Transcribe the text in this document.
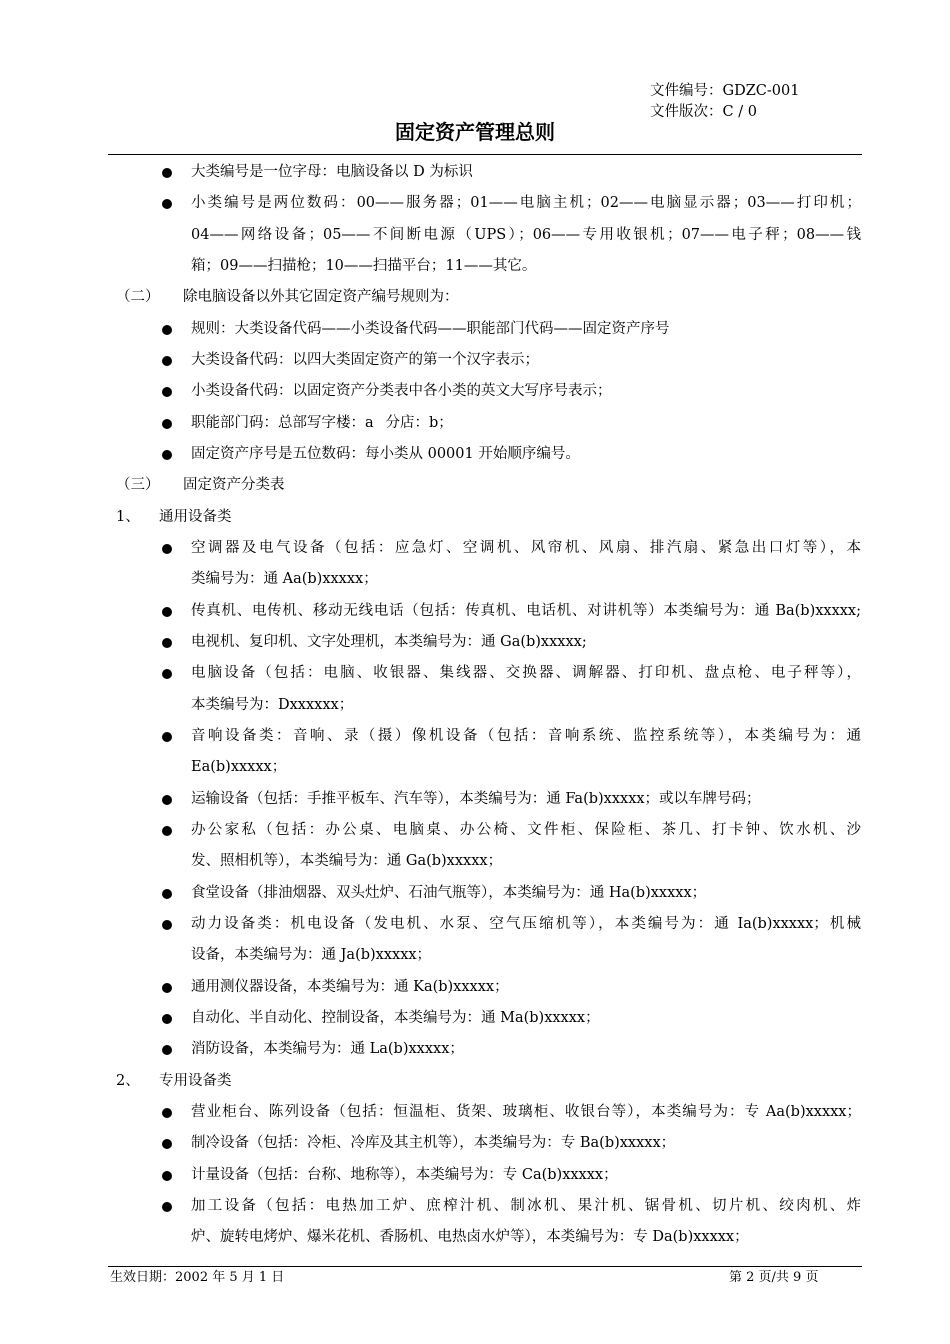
文件编号：GDZC-001
文件版次：C / 0
固定资产管理总则
大类编号是一位字母：电脑设备以 D 为标识
小类编号是两位数码：00——服务器；01——电脑主机；02——电脑显示器；03——打印机；
04——网络设备；05——不间断电源（UPS）；06——专用收银机；07——电子秤；08——钱
箱；09——扫描枪；10——扫描平台；11——其它。
（二） 除电脑设备以外其它固定资产编号规则为：
规则：大类设备代码——小类设备代码——职能部门代码——固定资产序号
大类设备代码：以四大类固定资产的第一个汉字表示；
小类设备代码：以固定资产分类表中各小类的英文大写序号表示；
职能部门码：总部写字楼：a 分店：b；
固定资产序号是五位数码：每小类从 00001 开始顺序编号。
（三） 固定资产分类表
1、 通用设备类
空调器及电气设备（包括：应急灯、空调机、风帘机、风扇、排汽扇、紧急出口灯等），本
类编号为：通 Aa(b)xxxxx；
传真机、电传机、移动无线电话（包括：传真机、电话机、对讲机等）本类编号为：通 Ba(b)xxxxx;
电视机、复印机、文字处理机，本类编号为：通 Ga(b)xxxxx;
电脑设备（包括：电脑、收银器、集线器、交换器、调解器、打印机、盘点枪、电子秤等），
本类编号为：Dxxxxxx；
音响设备类：音响、录（摄）像机设备（包括：音响系统、监控系统等），本类编号为：通
Ea(b)xxxxx；
运输设备（包括：手推平板车、汽车等），本类编号为：通 Fa(b)xxxxx；或以车牌号码；
办公家私（包括：办公桌、电脑桌、办公椅、文件柜、保险柜、茶几、打卡钟、饮水机、沙
发、照相机等），本类编号为：通 Ga(b)xxxxx；
食堂设备（排油烟器、双头灶炉、石油气瓶等），本类编号为：通 Ha(b)xxxxx；
动力设备类：机电设备（发电机、水泵、空气压缩机等），本类编号为：通 Ia(b)xxxxx；机械
设备，本类编号为：通 Ja(b)xxxxx；
通用测仪器设备，本类编号为：通 Ka(b)xxxxx；
自动化、半自动化、控制设备，本类编号为：通 Ma(b)xxxxx；
消防设备，本类编号为：通 La(b)xxxxx；
2、 专用设备类
营业柜台、陈列设备（包括：恒温柜、货架、玻璃柜、收银台等），本类编号为：专 Aa(b)xxxxx；
制冷设备（包括：冷柜、冷库及其主机等），本类编号为：专 Ba(b)xxxxx；
计量设备（包括：台称、地称等），本类编号为：专 Ca(b)xxxxx；
加工设备（包括：电热加工炉、庶榨汁机、制冰机、果汁机、锯骨机、切片机、绞肉机、炸
炉、旋转电烤炉、爆米花机、香肠机、电热卤水炉等），本类编号为：专 Da(b)xxxxx；
生效日期：2002 年 5 月 1 日	第 2 页/共 9 页
